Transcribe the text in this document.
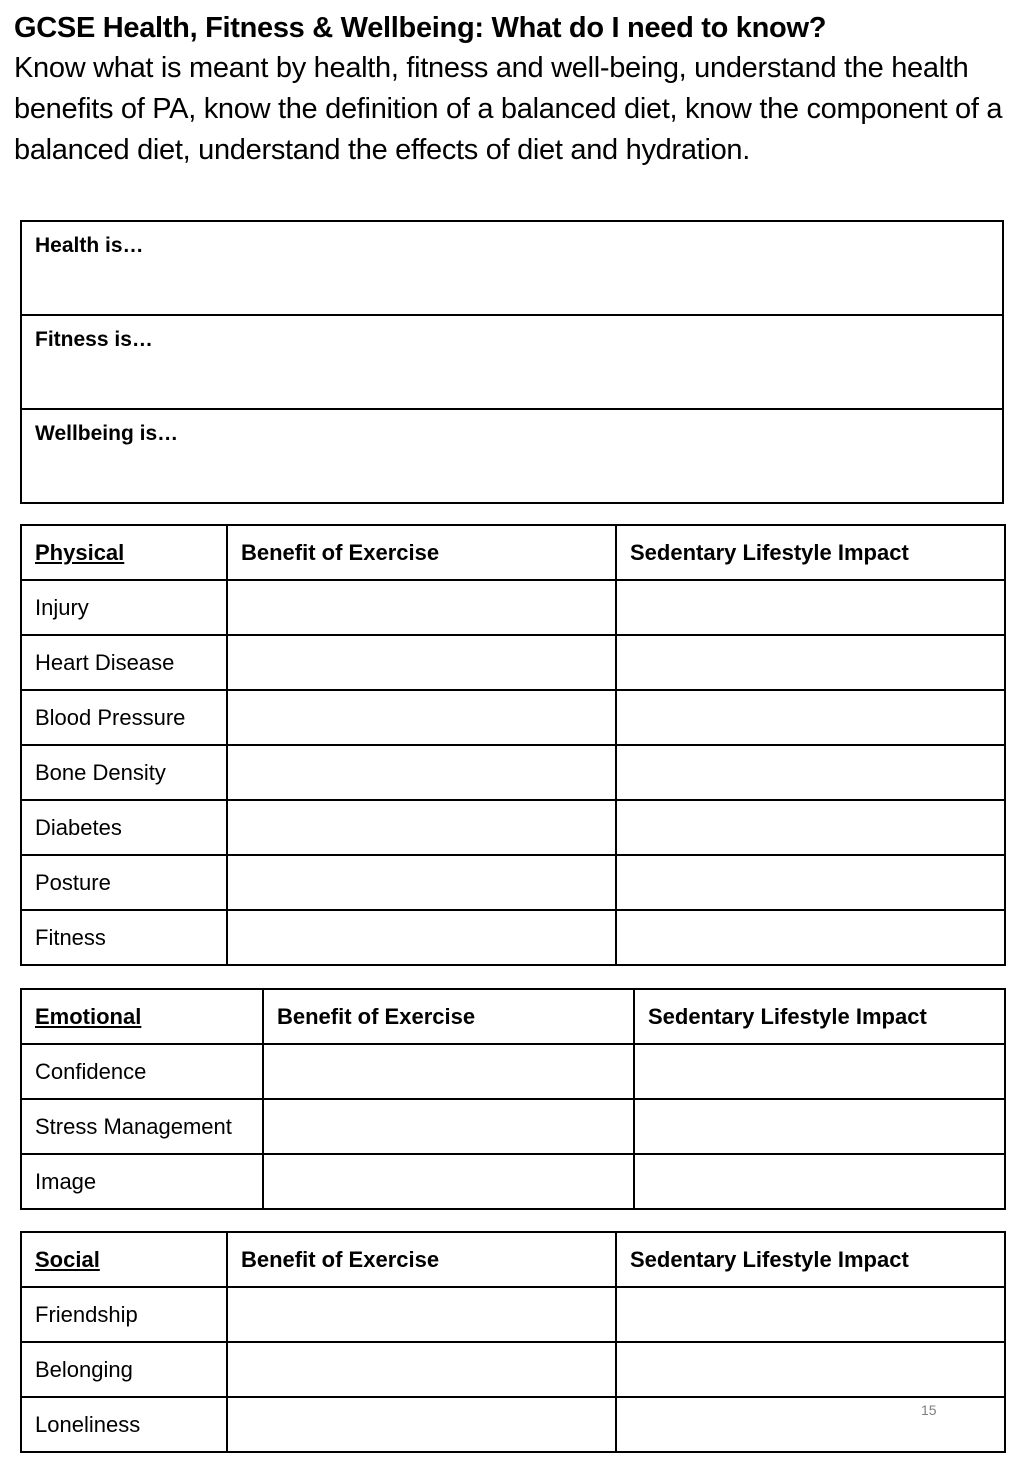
GCSE Health, Fitness & Wellbeing: What do I need to know?

Know what is meant by health, fitness and well-being, understand the health benefits of PA, know the definition of a balanced diet, know the component of a balanced diet, understand the effects of diet and hydration.

Health is…
Fitness is…
Wellbeing is…
Physical	Benefit of Exercise	Sedentary Lifestyle Impact
Injury		
Heart Disease		
Blood Pressure		
Bone Density		
Diabetes		
Posture		
Fitness		
Emotional	Benefit of Exercise	Sedentary Lifestyle Impact
Confidence		
Stress Management		
Image		
Social	Benefit of Exercise	Sedentary Lifestyle Impact
Friendship		
Belonging		
Loneliness		
15
